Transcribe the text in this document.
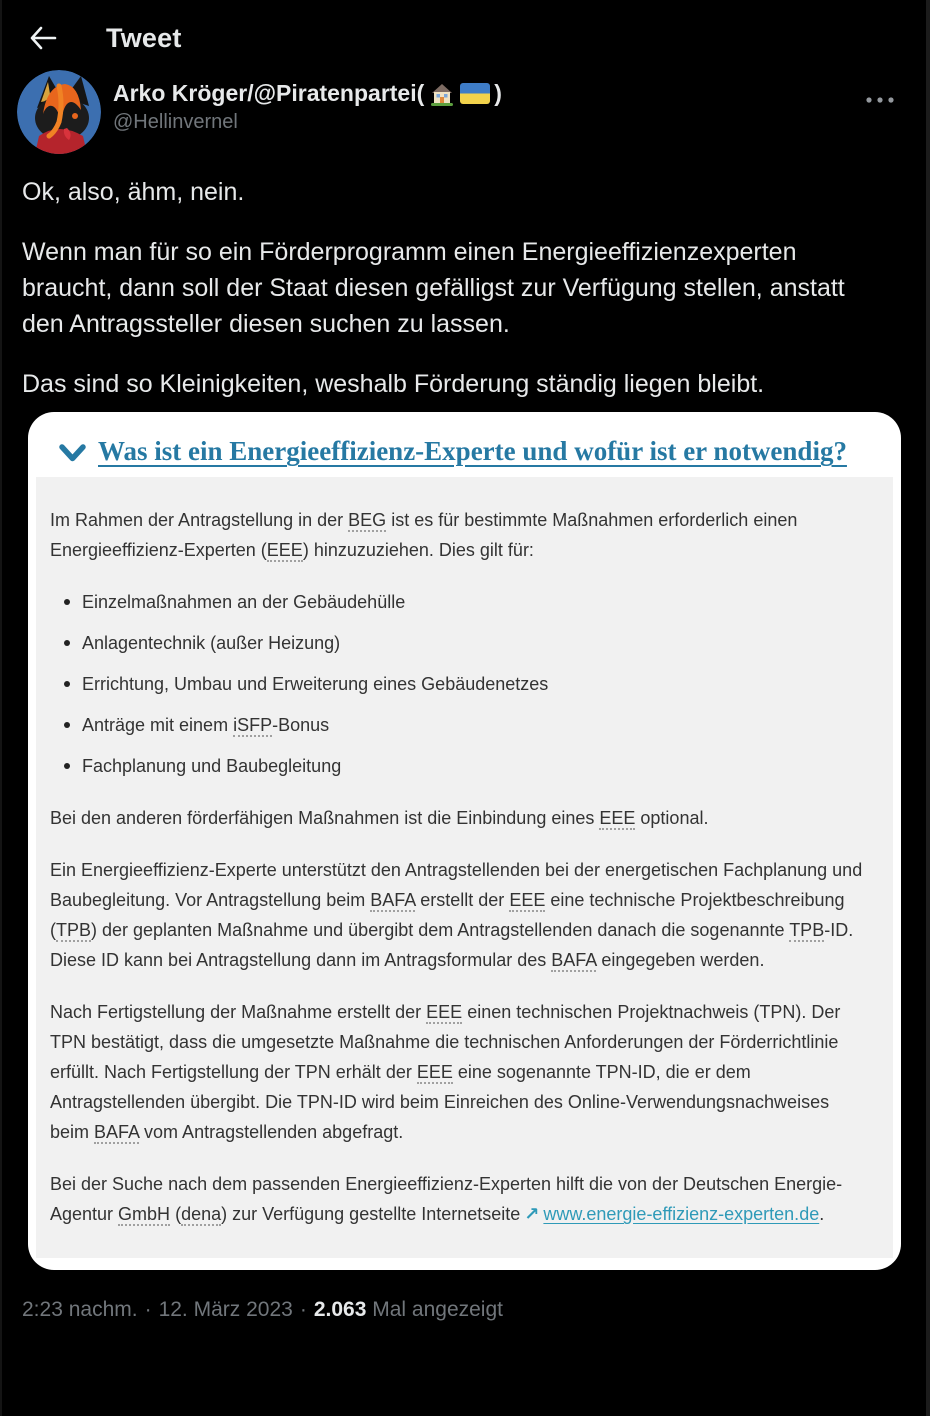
Tweet
Arko Kröger/@Piratenpartei(	)
@Hellinvernel

Ok, also, ähm, nein.

Wenn man für so ein Förderprogramm einen Energieeffizienzexperten braucht, dann soll der Staat diesen gefälligst zur Verfügung stellen, anstatt den Antragssteller diesen suchen zu lassen.

Das sind so Kleinigkeiten, weshalb Förderung ständig liegen bleibt.

Was ist ein Energieeffizienz-Experte und wofür ist er notwendig?

Im Rahmen der Antragstellung in der BEG ist es für bestimmte Maßnahmen erforderlich einen Energieeffizienz-Experten (EEE) hinzuzuziehen. Dies gilt für:

Einzelmaßnahmen an der Gebäudehülle
Anlagentechnik (außer Heizung)
Errichtung, Umbau und Erweiterung eines Gebäudenetzes
Anträge mit einem iSFP-Bonus
Fachplanung und Baubegleitung

Bei den anderen förderfähigen Maßnahmen ist die Einbindung eines EEE optional.

Ein Energieeffizienz-Experte unterstützt den Antragstellenden bei der energetischen Fachplanung und Baubegleitung. Vor Antragstellung beim BAFA erstellt der EEE eine technische Projektbeschreibung (TPB) der geplanten Maßnahme und übergibt dem Antragstellenden danach die sogenannte TPB-ID. Diese ID kann bei Antragstellung dann im Antragsformular des BAFA eingegeben werden.

Nach Fertigstellung der Maßnahme erstellt der EEE einen technischen Projektnachweis (TPN). Der TPN bestätigt, dass die umgesetzte Maßnahme die technischen Anforderungen der Förderrichtlinie erfüllt. Nach Fertigstellung der TPN erhält der EEE eine sogenannte TPN-ID, die er dem Antragstellenden übergibt. Die TPN-ID wird beim Einreichen des Online-Verwendungsnachweises beim BAFA vom Antragstellenden abgefragt.

Bei der Suche nach dem passenden Energieeffizienz-Experten hilft die von der Deutschen Energie-Agentur GmbH (dena) zur Verfügung gestellte Internetseite ↗ www.energie-effizienz-experten.de.

2:23 nachm. · 12. März 2023 · 2.063 Mal angezeigt
